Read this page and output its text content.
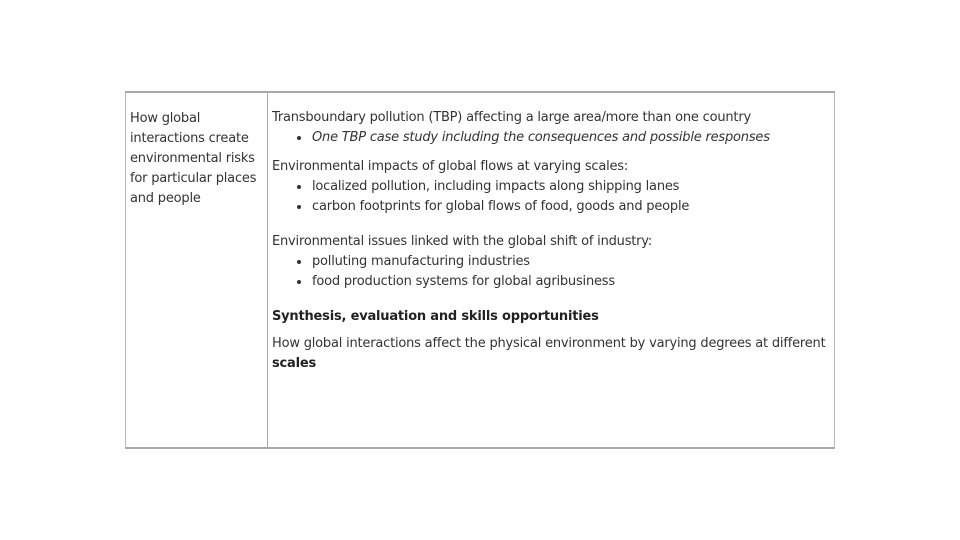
How global interactions create environmental risks for particular places and people

Transboundary pollution (TBP) affecting a large area/more than one country

One TBP case study including the consequences and possible responses

Environmental impacts of global flows at varying scales:

localized pollution, including impacts along shipping lanes
carbon footprints for global flows of food, goods and people

Environmental issues linked with the global shift of industry:

polluting manufacturing industries
food production systems for global agribusiness

Synthesis, evaluation and skills opportunities

How global interactions affect the physical environment by varying degrees at different scales
